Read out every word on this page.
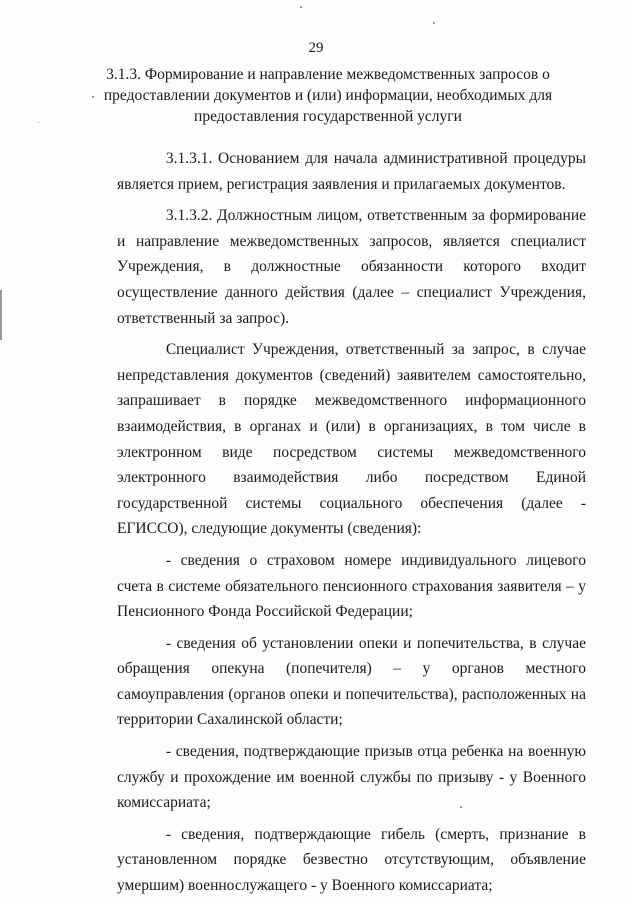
29
3.1.3. Формирование и направление межведомственных запросов о предоставлении документов и (или) информации, необходимых для предоставления государственной услуги

3.1.3.1. Основанием для начала административной процедуры является прием, регистрация заявления и прилагаемых документов.

3.1.3.2. Должностным лицом, ответственным за формирование и направление межведомственных запросов, является специалист Учреждения, в должностные обязанности которого входит осуществление данного действия (далее – специалист Учреждения, ответственный за запрос).

Специалист Учреждения, ответственный за запрос, в случае непредставления документов (сведений) заявителем самостоятельно, запрашивает в порядке межведомственного информационного взаимодействия, в органах и (или) в организациях, в том числе в электронном виде посредством системы межведомственного электронного взаимодействия либо посредством Единой государственной системы социального обеспечения (далее - ЕГИССО), следующие документы (сведения):

- сведения о страховом номере индивидуального лицевого счета в системе обязательного пенсионного страхования заявителя – у Пенсионного Фонда Российской Федерации;

- сведения об установлении опеки и попечительства, в случае обращения опекуна (попечителя) – у органов местного самоуправления (органов опеки и попечительства), расположенных на территории Сахалинской области;

- сведения, подтверждающие призыв отца ребенка на военную службу и прохождение им военной службы по призыву - у Военного комиссариата;

- сведения, подтверждающие гибель (смерть, признание в установленном порядке безвестно отсутствующим, объявление умершим) военнослужащего - у Военного комиссариата;
